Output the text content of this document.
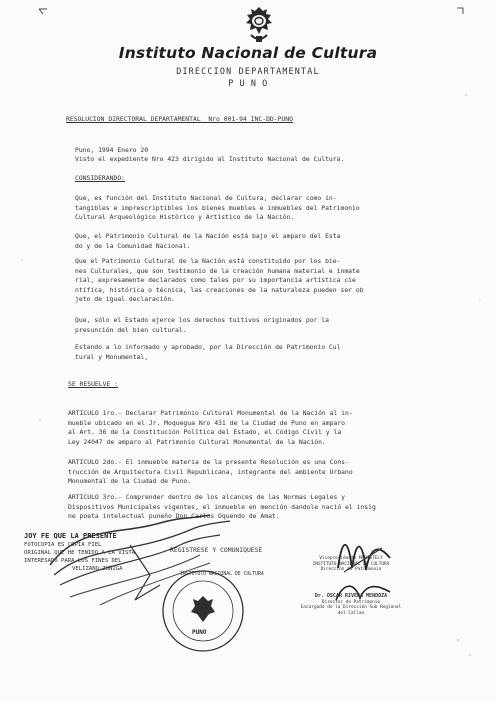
Instituto Nacional de Cultura
DIRECCION DEPARTAMENTAL
P U N O

RESOLUCION DIRECTORAL DEPARTAMENTAL  Nro 001-94 INC-DD-PUNO

Puno, 1994 Enero 20

Visto el expediente Nro 423 dirigido al Instituto Nacional de Cultura.

CONSIDERANDO:

Que, es función del Instituto Nacional de Cultura, declarar como in-
tangibles e imprescriptibles los bienes muebles e inmuebles del Patrimonio
Cultural Arqueológico Histórico y Artístico de la Nación.

Que, el Patrimonio Cultural de la Nación está bajo el amparo del Esta
do y de la Comunidad Nacional.

Que el Patrimonio Cultural de la Nación está constituido por los bie-
nes Culturales, que son testimonio de la creación humana material e inmate
rial, expresamente declarados como tales por su importancia artística cie
ntífica, histórica o técnica, las creaciones de la naturaleza pueden ser ob
jeto de igual declaración.

Que, sólo el Estado ejerce los derechos tuitivos originados por la
presunción del bien cultural.

Estando a lo informado y aprobado, por la Dirección de Patrimonio Cul
tural y Monumental,

SE RESUELVE :

ARTICULO 1ro.- Declarar Patrimonio Cultural Monumental de la Nación al in-
mueble ubicado en el Jr. Moquegua Nro 431 de la Ciudad de Puno en amparo
al Art. 36 de la Constitución Política del Estado, el Código Civil y la
Ley 24047 de amparo al Patrimonio Cultural Monumental de la Nación.

ARTICULO 2do.- El inmueble materia de la presente Resolución es una Cons-
trucción de Arquitectura Civil Republicana, integrante del ambiente Urbano
Monumental de la Ciudad de Puno.

ARTICULO 3ro.- Comprender dentro de los alcances de las Normas Legales y
Dispositivos Municipales vigentes, el inmueble en mención dandole nació el insig
ne poeta intelectual puneño Don Carlos Oquendo de Amat.

REGISTRESE Y COMUNIQUESE

JOY FE QUE LA PRESENTE
FOTOCOPIA ES COPIA FIEL
ORIGINAL QUE HE TENIDO A LA VISTA
INTERESADO PARA LOS FINES DEL
VELIZANO ZUÑIGA
INSTITUTO NACIONAL DE CULTURA
PUNO
Vicepresidente MARISTELY
INSTITUTO NACIONAL DE CULTURA
Dirección de Patrimonio
Dr. OSCAR RIVERA MENDOZA
Director de Patrimonio
Encargado de la Dirección Sub Regional
del Callao
